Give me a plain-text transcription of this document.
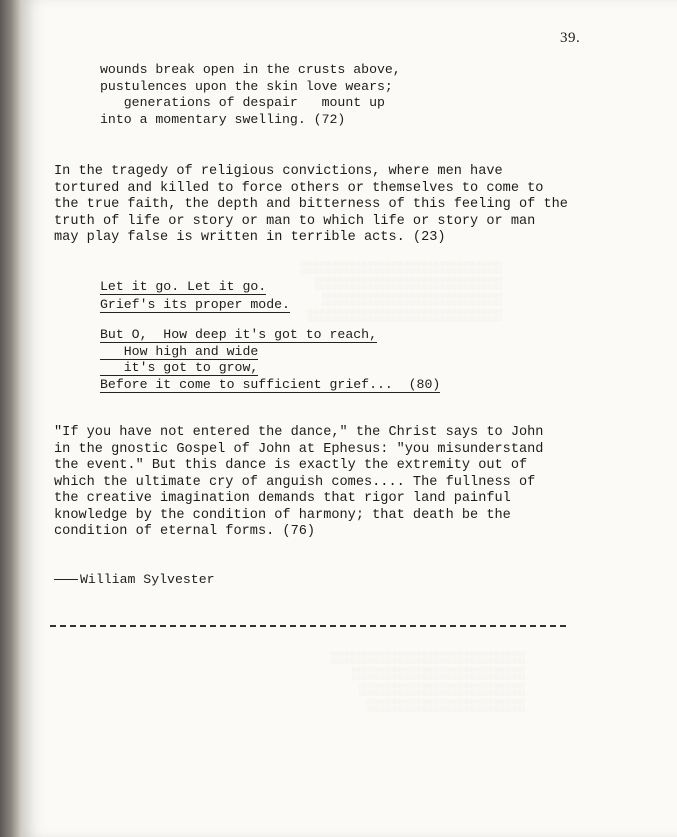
░░░░░░░░░░░░░░░░░░░░░░░░░░░░
░░░░░░░░░░░░░░░░░░░░░░░░░░
░░░░░░░░░░░░░░░░░░░░░░░░░
░░░░░░░░░░░░░░░░░░░░░░░░░░░
░░░░░░░░░░░░░░░░░░░░░░░░░░░
░░░░░░░░░░░░░░░░░░░░░░░░
░░░░░░░░░░░░░░░░░░░░░░░
░░░░░░░░░░░░░░░░░░░░░░
39.
wounds break open in the crusts above,
pustulences upon the skin love wears;
generations of despair   mount up
into a momentary swelling. (72)
In the tragedy of religious convictions, where men have
tortured and killed to force others or themselves to come to
the true faith, the depth and bitterness of this feeling of the
truth of life or story or man to which life or story or man
may play false is written in terrible acts. (23)
Let it go. Let it go.
Grief's its proper mode.
But O,  How deep it's got to reach,
How high and wide
it's got to grow,
Before it come to sufficient grief...  (80)
"If you have not entered the dance," the Christ says to John
in the gnostic Gospel of John at Ephesus: "you misunderstand
the event." But this dance is exactly the extremity out of
which the ultimate cry of anguish comes.... The fullness of
the creative imagination demands that rigor land painful
knowledge by the condition of harmony; that death be the
condition of eternal forms. (76)
William Sylvester
